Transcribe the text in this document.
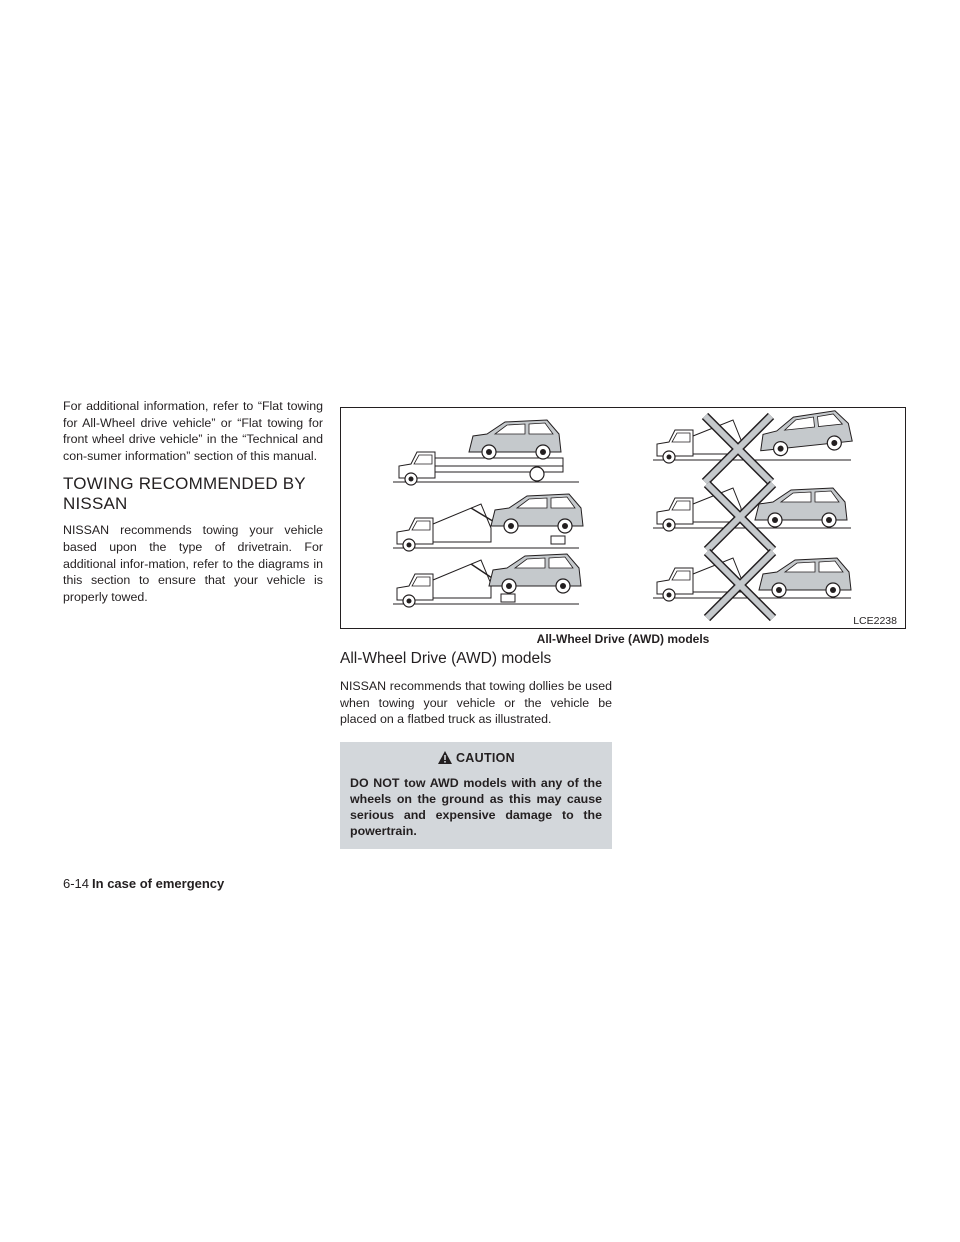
For additional information, refer to “Flat towing for All-Wheel drive vehicle” or “Flat towing for front wheel drive vehicle” in the “Technical and con-sumer information” section of this manual.

TOWING RECOMMENDED BY NISSAN

NISSAN recommends towing your vehicle based upon the type of drivetrain. For additional infor-mation, refer to the diagrams in this section to ensure that your vehicle is properly towed.

LCE2238
All-Wheel Drive (AWD) models
All-Wheel Drive (AWD) models

NISSAN recommends that towing dollies be used when towing your vehicle or the vehicle be placed on a flatbed truck as illustrated.

CAUTION

DO NOT tow AWD models with any of the wheels on the ground as this may cause serious and expensive damage to the powertrain.

6-14 In case of emergency
